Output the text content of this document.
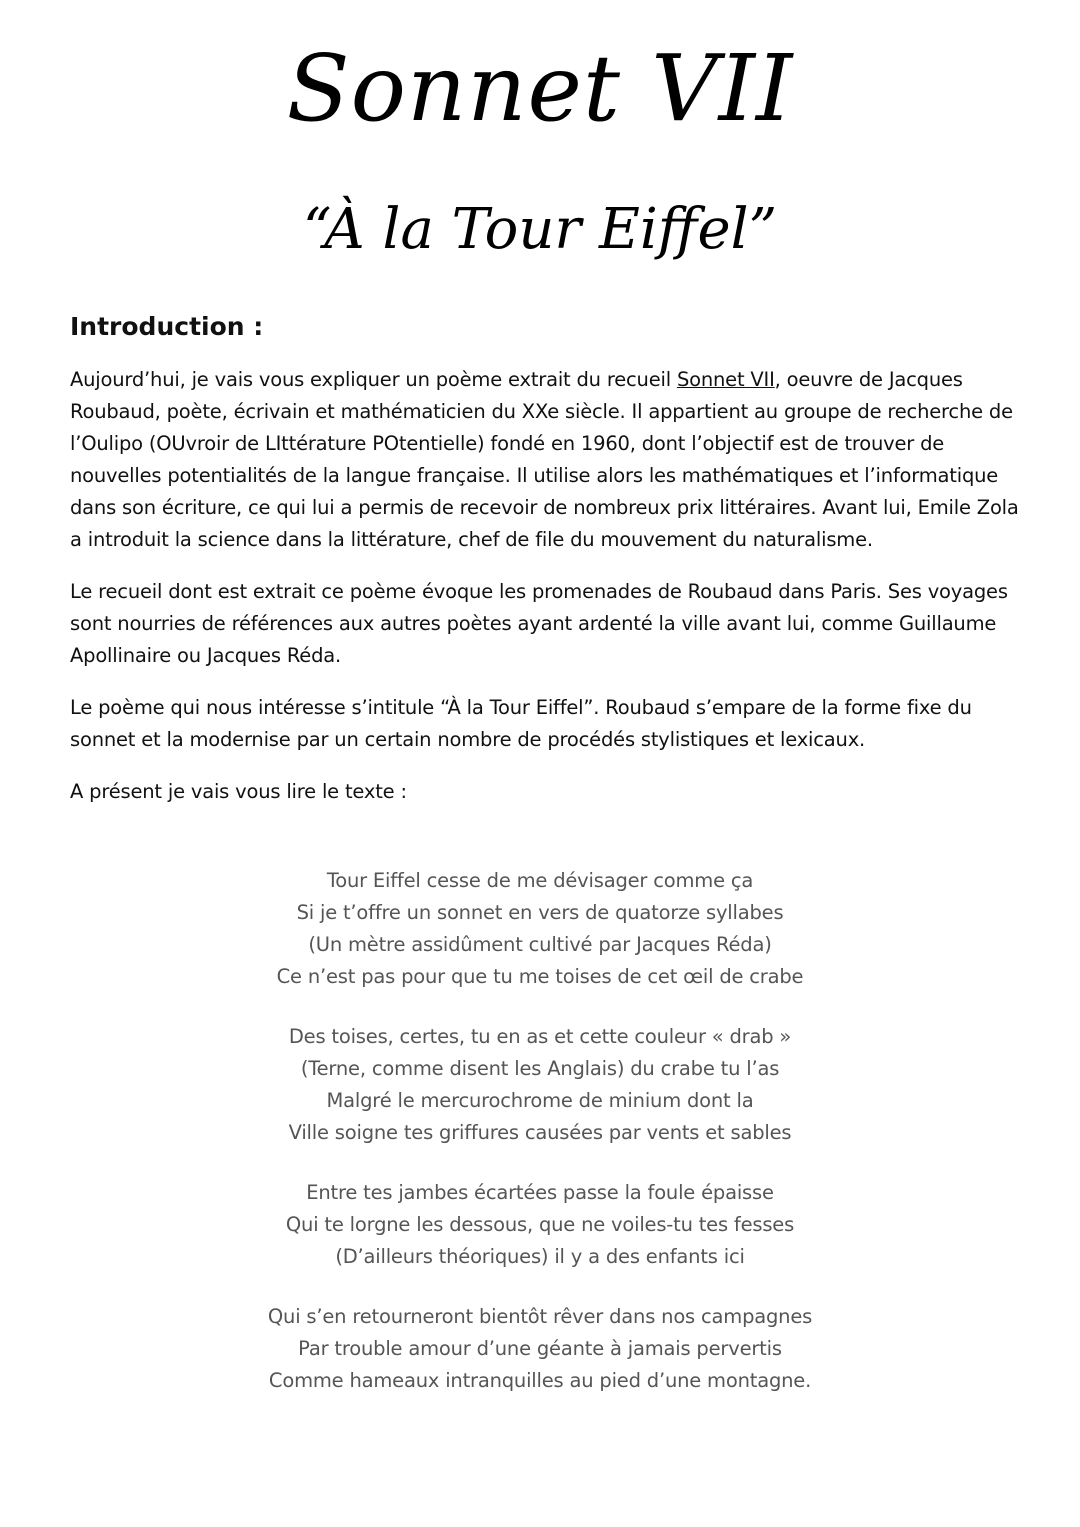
Sonnet VII
“À la Tour Eiffel”
Introduction :

Aujourd’hui, je vais vous expliquer un poème extrait du recueil Sonnet VII, oeuvre de Jacques Roubaud, poète, écrivain et mathématicien du XXe siècle. Il appartient au groupe de recherche de l’Oulipo (OUvroir de LIttérature POtentielle) fondé en 1960, dont l’objectif est de trouver de nouvelles potentialités de la langue française. Il utilise alors les mathématiques et l’informatique dans son écriture, ce qui lui a permis de recevoir de nombreux prix littéraires. Avant lui, Emile Zola a introduit la science dans la littérature, chef de file du mouvement du naturalisme.

Le recueil dont est extrait ce poème évoque les promenades de Roubaud dans Paris. Ses voyages sont nourries de références aux autres poètes ayant ardenté la ville avant lui, comme Guillaume Apollinaire ou Jacques Réda.

Le poème qui nous intéresse s’intitule “À la Tour Eiffel”. Roubaud s’empare de la forme fixe du sonnet et la modernise par un certain nombre de procédés stylistiques et lexicaux.

A présent je vais vous lire le texte :

Tour Eiffel cesse de me dévisager comme ça
Si je t’offre un sonnet en vers de quatorze syllabes
(Un mètre assidûment cultivé par Jacques Réda)
Ce n’est pas pour que tu me toises de cet œil de crabe
Des toises, certes, tu en as et cette couleur « drab »
(Terne, comme disent les Anglais) du crabe tu l’as
Malgré le mercurochrome de minium dont la
Ville soigne tes griffures causées par vents et sables
Entre tes jambes écartées passe la foule épaisse
Qui te lorgne les dessous, que ne voiles-tu tes fesses
(D’ailleurs théoriques) il y a des enfants ici
Qui s’en retourneront bientôt rêver dans nos campagnes
Par trouble amour d’une géante à jamais pervertis
Comme hameaux intranquilles au pied d’une montagne.
